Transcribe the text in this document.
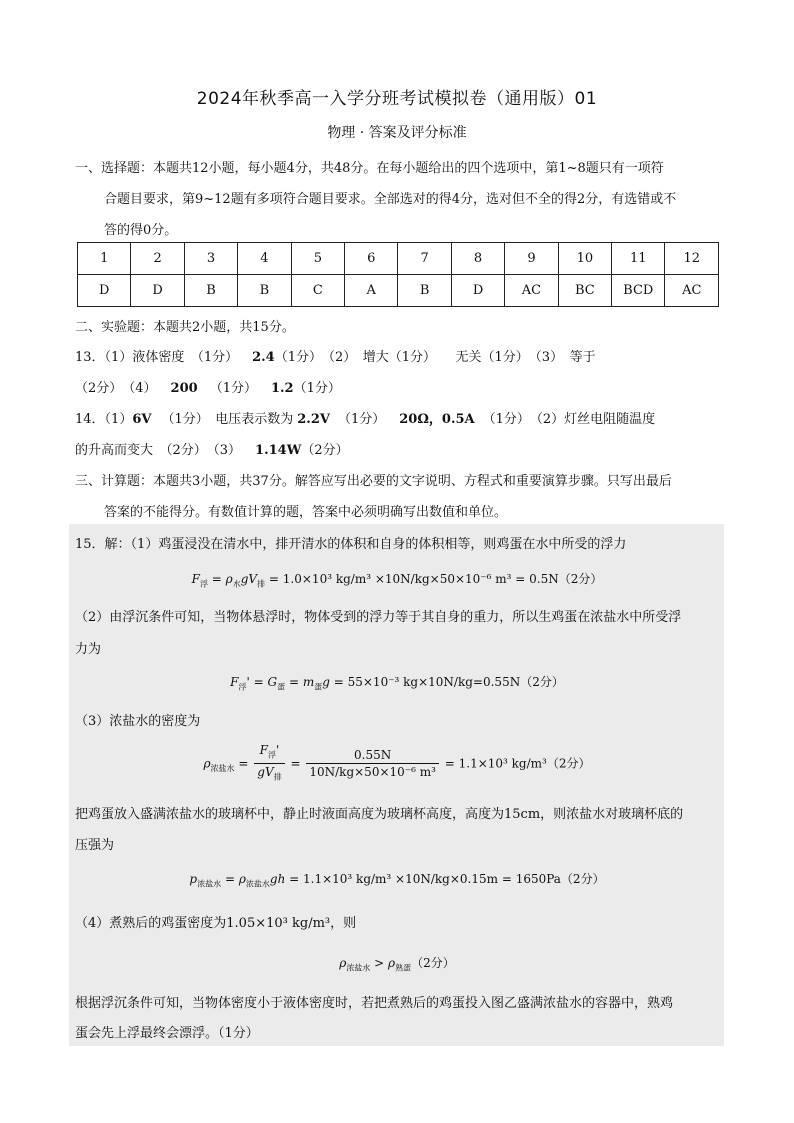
2024年秋季高一入学分班考试模拟卷（通用版）01
物理 · 答案及评分标准
一、选择题：本题共12小题，每小题4分，共48分。在每小题给出的四个选项中，第1~8题只有一项符
合题目要求，第9~12题有多项符合题目要求。全部选对的得4分，选对但不全的得2分，有选错或不
答的得0分。
1	2	3	4	5	6	7	8	9	10	11	12
D	D	B	B	C	A	B	D	AC	BC	BCD	AC
二、实验题：本题共2小题，共15分。
13．（1）液体密度　（1分） 2.4（1分）　（2）　增大（1分）　　无关（1分）　（3）　等于
（2分）　（4） 200 （1分） 1.2（1分）
14．（1）6V （1分）　电压表示数为 2.2V （1分） 20Ω，0.5A （1分）　（2）灯丝电阻随温度
的升高而变大　（2分）　（3） 1.14W（2分）
三、计算题：本题共3小题，共37分。解答应写出必要的文字说明、方程式和重要演算步骤。只写出最后
答案的不能得分。有数值计算的题，答案中必须明确写出数值和单位。
15．解：（1）鸡蛋浸没在清水中，排开清水的体积和自身的体积相等，则鸡蛋在水中所受的浮力
$F_浮 = \rho_水gV_排 = 1.0\times 10^3$ kg/m³ ×10N/kg×50×10⁻⁶ m³ = 0.5N（2分）
（2）由浮沉条件可知，当物体悬浮时，物体受到的浮力等于其自身的重力，所以生鸡蛋在浓盐水中所受浮
力为
$F_浮' = G_蛋 = m_蛋g = 55\times 10^{-3}$ kg×10N/kg=0.55N（2分）
（3）浓盐水的密度为
$\rho_{浓盐水} = \frac{F_浮'}{gV_排} = \frac{0.55N}{\text{10N/kg×50×10⁻⁶ m³}} = 1.1\times 10^3$ kg/m³（2分）
把鸡蛋放入盛满浓盐水的玻璃杯中，静止时液面高度为玻璃杯高度，高度为15cm，则浓盐水对玻璃杯底的
压强为
$p_{浓盐水} = \rho_{浓盐水}gh = 1.1\times 10^3$ kg/m³ ×10N/kg×0.15m = 1650Pa（2分）
（4）煮熟后的鸡蛋密度为1.05×10³ kg/m³，则
$\rho_{浓盐水} > \rho_{熟蛋}(2$分）
根据浮沉条件可知，当物体密度小于液体密度时，若把煮熟后的鸡蛋投入图乙盛满浓盐水的容器中，熟鸡
蛋会先上浮最终会漂浮。（1分）
